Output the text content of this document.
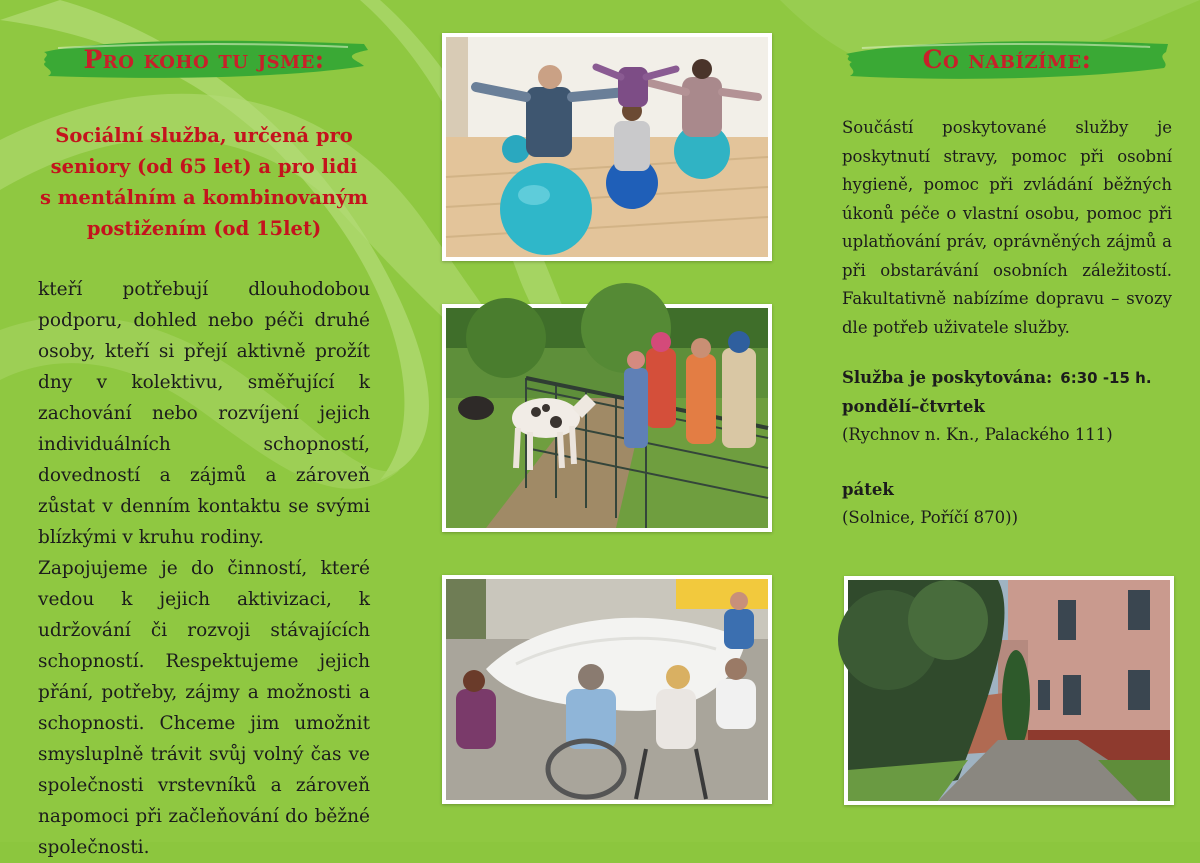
Pro koho tu jsme:
Sociální služba, určená pro
seniory (od 65 let) a pro lidi
s mentálním a kombinovaným
postižením (od 15let)

kteří potřebují dlouhodobou podporu, dohled nebo péči druhé osoby, kteří si přejí aktivně prožít dny v kolektivu, směřující k zachování nebo rozvíjení jejich individuálních schopností, dovedností a zájmů a zároveň zůstat v denním kontaktu se svými blízkými v kruhu rodiny.

Zapojujeme je do činností, které vedou k jejich aktivizaci, k udržování či rozvoji stávajících schopností. Respektujeme jejich přání, potřeby, zájmy a možnosti a schopnosti. Chceme jim umožnit smysluplně trávit svůj volný čas ve společnosti vrstevníků a zároveň napomoci při začleňování do běžné společnosti.

Co nabízíme:

Součástí poskytované služby je poskytnutí stravy, pomoc při osobní hygieně, pomoc při zvládání běžných úkonů péče o vlastní osobu, pomoc při uplatňování práv, oprávněných zájmů a při obstarávání osobních záležitostí. Fakultativně nabízíme dopravu – svozy dle potřeb uživatele služby.

Služba je poskytována: 6:30 -15 h.
pondělí–čtvrtek
(Rychnov n. Kn., Palackého 111)
pátek
(Solnice, Poříčí 870))
